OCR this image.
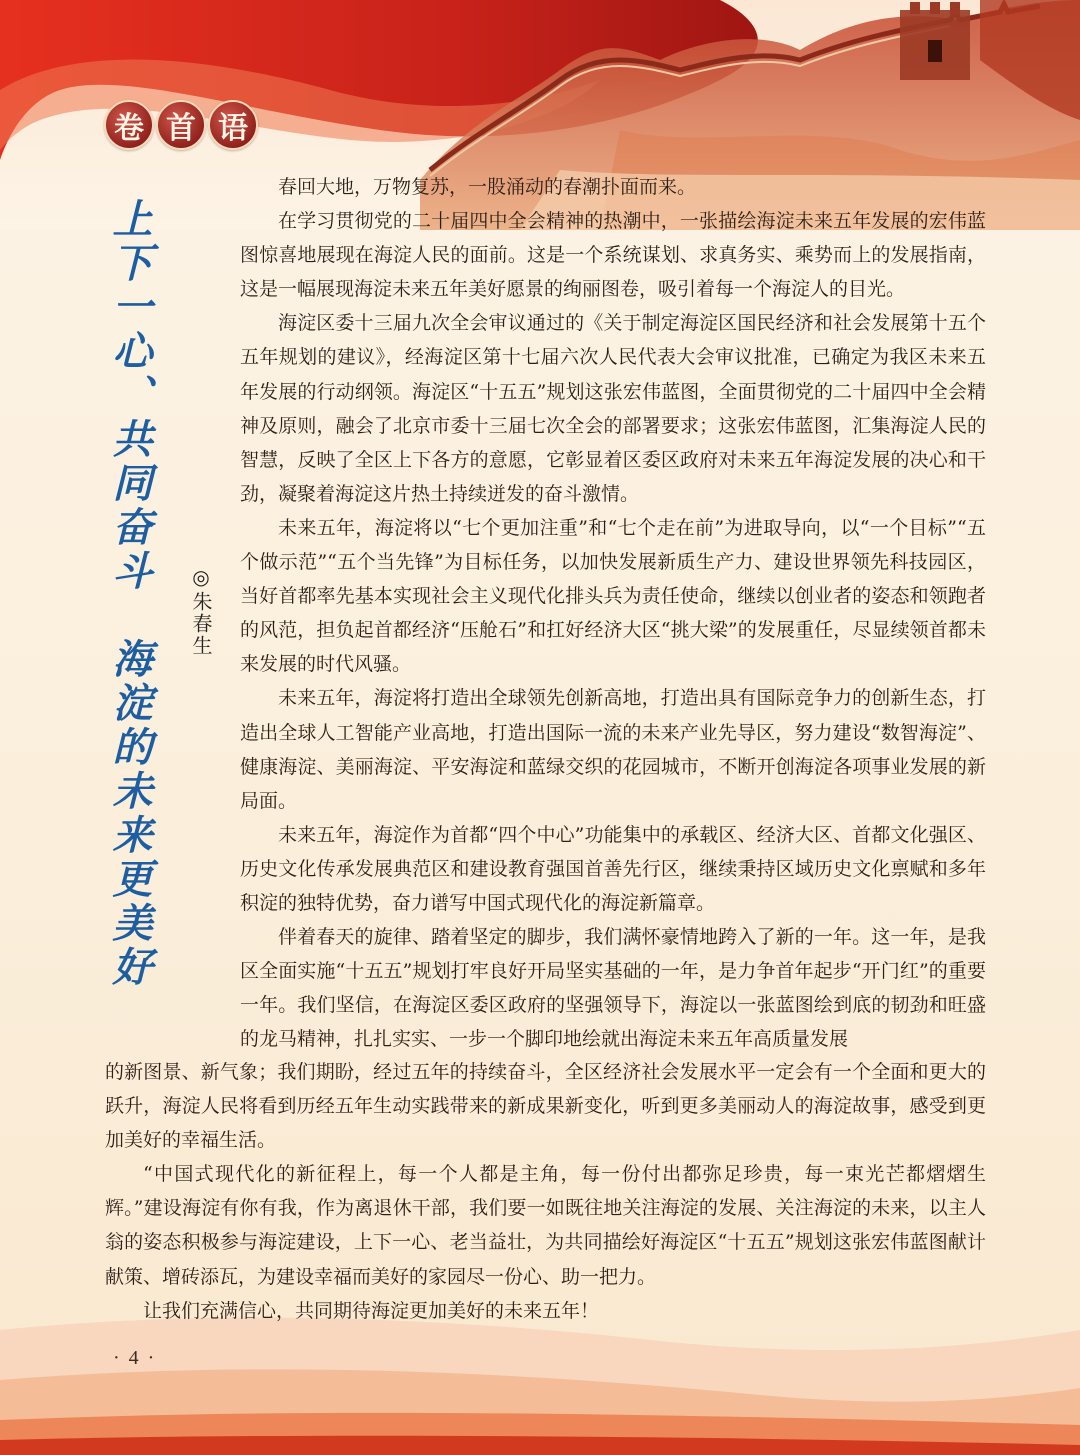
卷 首 语
上下一心、共同奋斗　海淀的未来更美好 ◎朱春生

春回大地，万物复苏，一股涌动的春潮扑面而来。

在学习贯彻党的二十届四中全会精神的热潮中，一张描绘海淀未来五年发展的宏伟蓝图惊喜地展现在海淀人民的面前。这是一个系统谋划、求真务实、乘势而上的发展指南，这是一幅展现海淀未来五年美好愿景的绚丽图卷，吸引着每一个海淀人的目光。

海淀区委十三届九次全会审议通过的《关于制定海淀区国民经济和社会发展第十五个五年规划的建议》，经海淀区第十七届六次人民代表大会审议批准，已确定为我区未来五年发展的行动纲领。海淀区“十五五”规划这张宏伟蓝图，全面贯彻党的二十届四中全会精神及原则，融会了北京市委十三届七次全会的部署要求；这张宏伟蓝图，汇集海淀人民的智慧，反映了全区上下各方的意愿，它彰显着区委区政府对未来五年海淀发展的决心和干劲，凝聚着海淀这片热土持续迸发的奋斗激情。

未来五年，海淀将以“七个更加注重”和“七个走在前”为进取导向，以“一个目标”“五个做示范”“五个当先锋”为目标任务，以加快发展新质生产力、建设世界领先科技园区，当好首都率先基本实现社会主义现代化排头兵为责任使命，继续以创业者的姿态和领跑者的风范，担负起首都经济“压舱石”和扛好经济大区“挑大梁”的发展重任，尽显续领首都未来发展的时代风骚。

未来五年，海淀将打造出全球领先创新高地，打造出具有国际竞争力的创新生态，打造出全球人工智能产业高地，打造出国际一流的未来产业先导区，努力建设“数智海淀”、健康海淀、美丽海淀、平安海淀和蓝绿交织的花园城市，不断开创海淀各项事业发展的新局面。

未来五年，海淀作为首都“四个中心”功能集中的承载区、经济大区、首都文化强区、历史文化传承发展典范区和建设教育强国首善先行区，继续秉持区域历史文化禀赋和多年积淀的独特优势，奋力谱写中国式现代化的海淀新篇章。

伴着春天的旋律、踏着坚定的脚步，我们满怀豪情地跨入了新的一年。这一年，是我区全面实施“十五五”规划打牢良好开局坚实基础的一年，是力争首年起步“开门红”的重要一年。我们坚信，在海淀区委区政府的坚强领导下，海淀以一张蓝图绘到底的韧劲和旺盛的龙马精神，扎扎实实、一步一个脚印地绘就出海淀未来五年高质量发展

的新图景、新气象；我们期盼，经过五年的持续奋斗，全区经济社会发展水平一定会有一个全面和更大的跃升，海淀人民将看到历经五年生动实践带来的新成果新变化，听到更多美丽动人的海淀故事，感受到更加美好的幸福生活。

“中国式现代化的新征程上，每一个人都是主角，每一份付出都弥足珍贵，每一束光芒都熠熠生辉。”建设海淀有你有我，作为离退休干部，我们要一如既往地关注海淀的发展、关注海淀的未来，以主人翁的姿态积极参与海淀建设，上下一心、老当益壮，为共同描绘好海淀区“十五五”规划这张宏伟蓝图献计献策、增砖添瓦，为建设幸福而美好的家园尽一份心、助一把力。

让我们充满信心，共同期待海淀更加美好的未来五年！

· 4 ·
